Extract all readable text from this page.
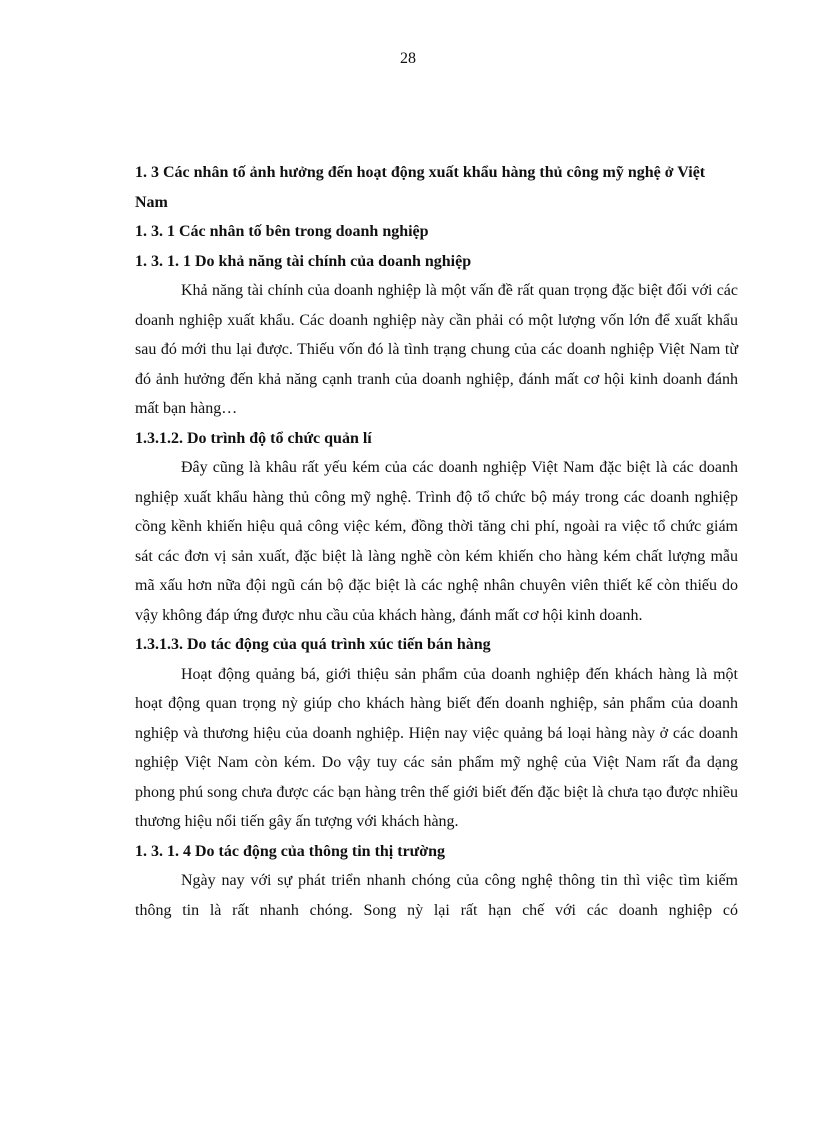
28

1. 3 Các nhân tố ảnh hưởng đến hoạt động xuất khẩu hàng thủ công mỹ nghệ ở Việt Nam

1. 3. 1 Các nhân tố bên trong doanh nghiệp

1. 3. 1. 1 Do khả năng tài chính của doanh nghiệp

Khả năng tài chính của doanh nghiệp là một vấn đề rất quan trọng đặc biệt đối với các doanh nghiệp xuất khẩu. Các doanh nghiệp này cần phải có một lượng vốn lớn để xuất khẩu sau đó mới thu lại được. Thiếu vốn đó là tình trạng chung của các doanh nghiệp Việt Nam từ đó ảnh hưởng đến khả năng cạnh tranh của doanh nghiệp, đánh mất cơ hội kinh doanh đánh mất bạn hàng…

1.3.1.2. Do trình độ tổ chức quản lí

Đây cũng là khâu rất yếu kém của các doanh nghiệp Việt Nam đặc biệt là các doanh nghiệp xuất khẩu hàng thủ công mỹ nghệ. Trình độ tổ chức bộ máy trong các doanh nghiệp cồng kềnh khiến hiệu quả công việc kém, đồng thời tăng chi phí, ngoài ra việc tổ chức giám sát các đơn vị sản xuất, đặc biệt là làng nghề còn kém khiến cho hàng kém chất lượng mẫu mã xấu hơn nữa đội ngũ cán bộ đặc biệt là các nghệ nhân chuyên viên thiết kế còn thiếu do vậy không đáp ứng được nhu cầu của khách hàng, đánh mất cơ hội kinh doanh.

1.3.1.3. Do tác động của quá trình xúc tiến bán hàng

Hoạt động quảng bá, giới thiệu sản phẩm của doanh nghiệp đến khách hàng là một hoạt động quan trọng nỳ giúp cho khách hàng biết đến doanh nghiệp, sản phẩm của doanh nghiệp và thương hiệu của doanh nghiệp. Hiện nay việc quảng bá loại hàng này ở các doanh nghiệp Việt Nam còn kém. Do vậy tuy các sản phẩm mỹ nghệ của Việt Nam rất đa dạng phong phú song chưa được các bạn hàng trên thế giới biết đến đặc biệt là chưa tạo được nhiều thương hiệu nổi tiến gây ấn tượng với khách hàng.

1. 3. 1. 4 Do tác động của thông tin thị trường

Ngày nay với sự phát triển nhanh chóng của công nghệ thông tin thì việc tìm kiếm thông tin là rất nhanh chóng. Song nỳ lại rất hạn chế với các doanh nghiệp có
